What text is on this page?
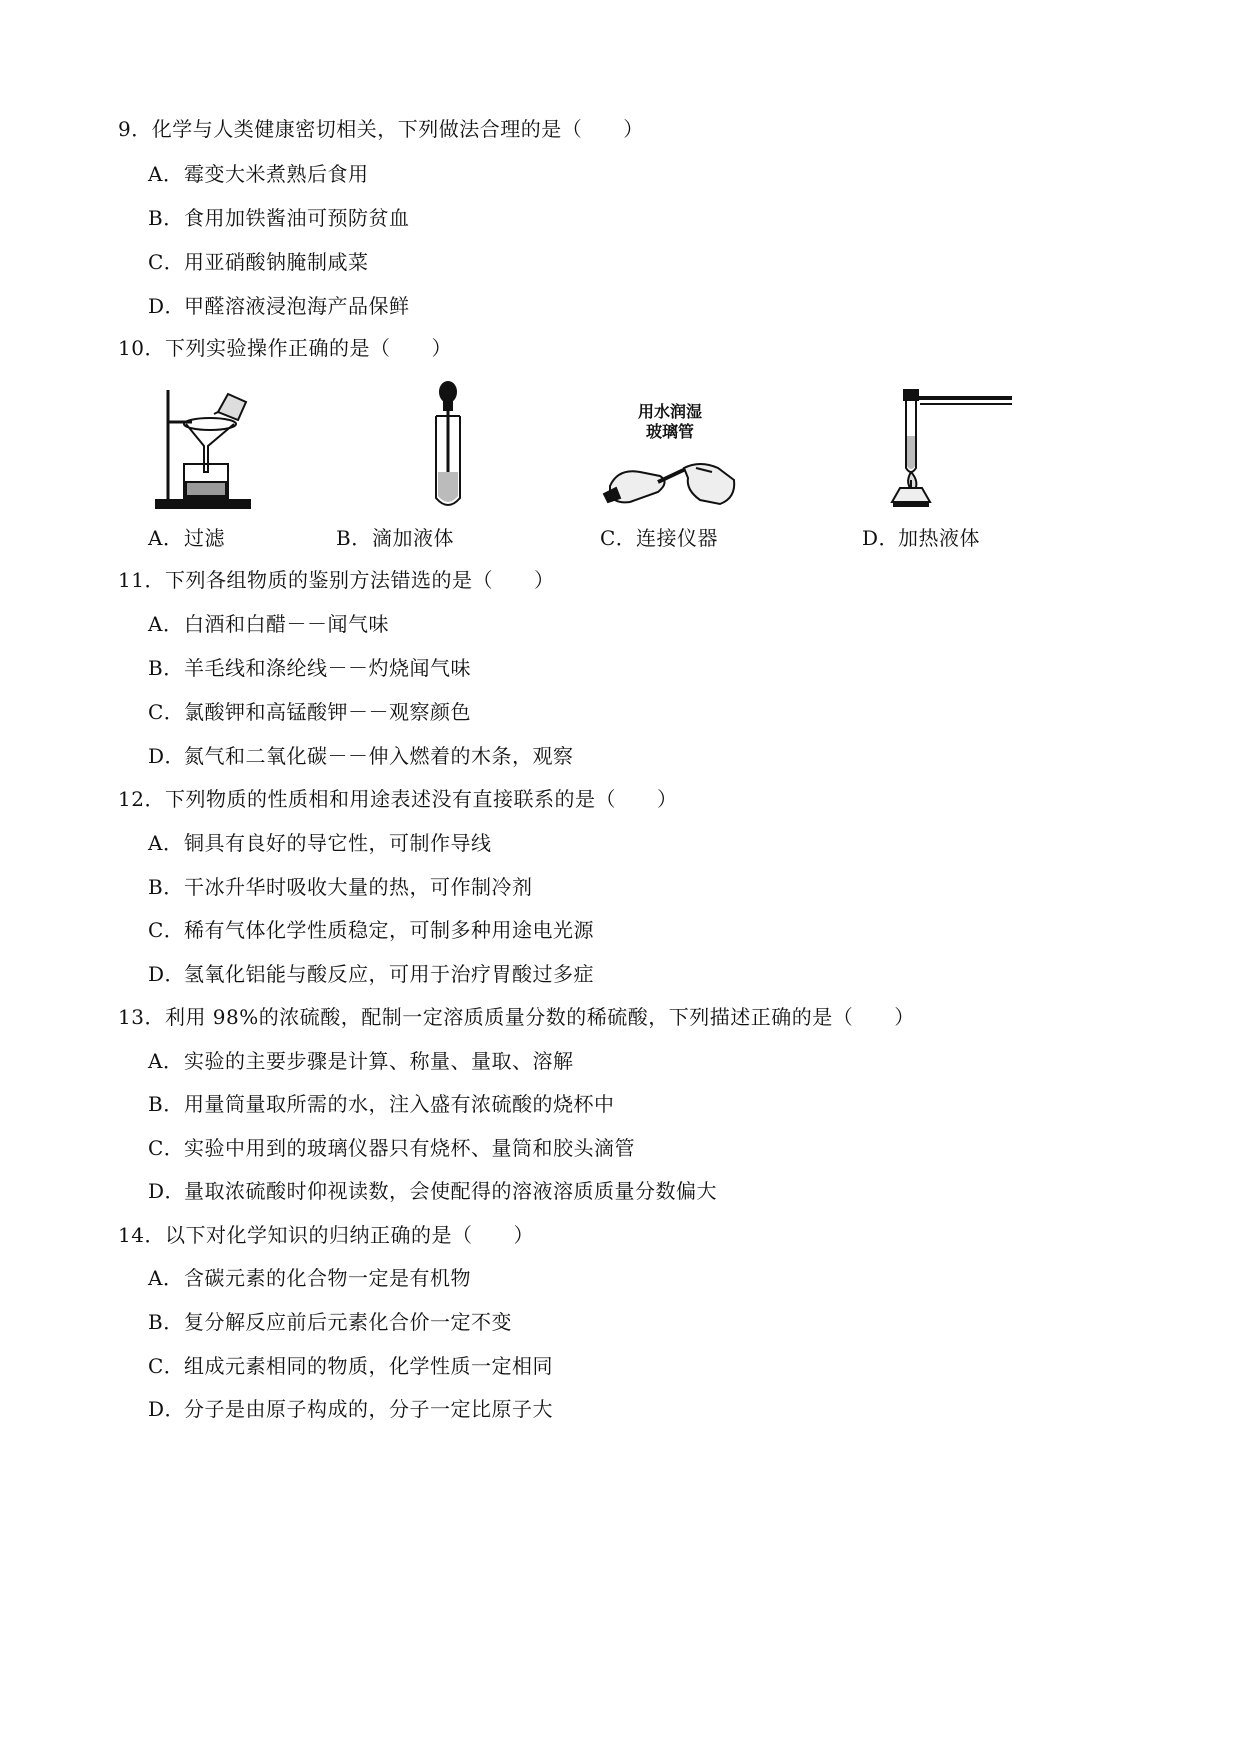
9．化学与人类健康密切相关，下列做法合理的是（　　）
A．霉变大米煮熟后食用
B．食用加铁酱油可预防贫血
C．用亚硝酸钠腌制咸菜
D．甲醛溶液浸泡海产品保鲜
10．下列实验操作正确的是（　　）
用水润湿
玻璃管
A．过滤	B．滴加液体	C．连接仪器	D．加热液体
11．下列各组物质的鉴别方法错选的是（　　）
A．白酒和白醋－－闻气味
B．羊毛线和涤纶线－－灼烧闻气味
C．氯酸钾和高锰酸钾－－观察颜色
D．氮气和二氧化碳－－伸入燃着的木条，观察
12．下列物质的性质相和用途表述没有直接联系的是（　　）
A．铜具有良好的导它性，可制作导线
B．干冰升华时吸收大量的热，可作制冷剂
C．稀有气体化学性质稳定，可制多种用途电光源
D．氢氧化铝能与酸反应，可用于治疗胃酸过多症
13．利用 98%的浓硫酸，配制一定溶质质量分数的稀硫酸，下列描述正确的是（　　）
A．实验的主要步骤是计算、称量、量取、溶解
B．用量筒量取所需的水，注入盛有浓硫酸的烧杯中
C．实验中用到的玻璃仪器只有烧杯、量筒和胶头滴管
D．量取浓硫酸时仰视读数，会使配得的溶液溶质质量分数偏大
14．以下对化学知识的归纳正确的是（　　）
A．含碳元素的化合物一定是有机物
B．复分解反应前后元素化合价一定不变
C．组成元素相同的物质，化学性质一定相同
D．分子是由原子构成的，分子一定比原子大
